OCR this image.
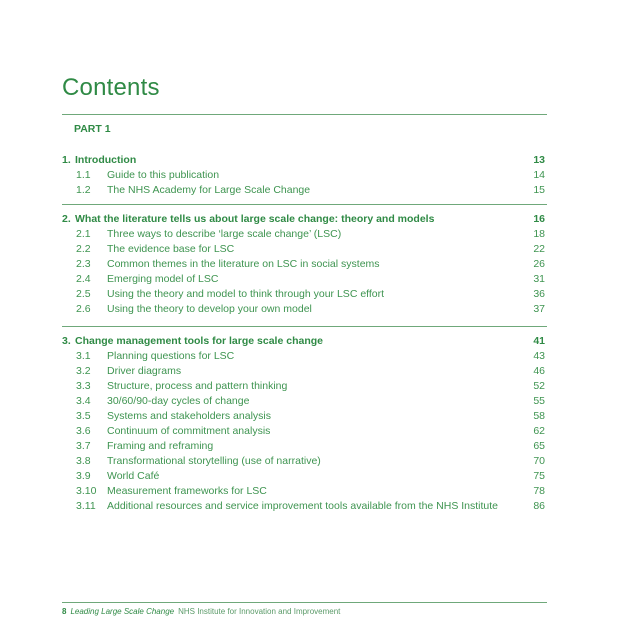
Contents
PART 1
1. Introduction	13
1.1 Guide to this publication	14
1.2 The NHS Academy for Large Scale Change	15
2. What the literature tells us about large scale change: theory and models	16
2.1 Three ways to describe ‘large scale change’ (LSC)	18
2.2 The evidence base for LSC	22
2.3 Common themes in the literature on LSC in social systems	26
2.4 Emerging model of LSC	31
2.5 Using the theory and model to think through your LSC effort	36
2.6 Using the theory to develop your own model	37
3. Change management tools for large scale change	41
3.1 Planning questions for LSC	43
3.2 Driver diagrams	46
3.3 Structure, process and pattern thinking	52
3.4 30/60/90-day cycles of change	55
3.5 Systems and stakeholders analysis	58
3.6 Continuum of commitment analysis	62
3.7 Framing and reframing	65
3.8 Transformational storytelling (use of narrative)	70
3.9 World Café	75
3.10 Measurement frameworks for LSC	78
3.11 Additional resources and service improvement tools available from the NHS Institute	86
8 Leading Large Scale Change NHS Institute for Innovation and Improvement
